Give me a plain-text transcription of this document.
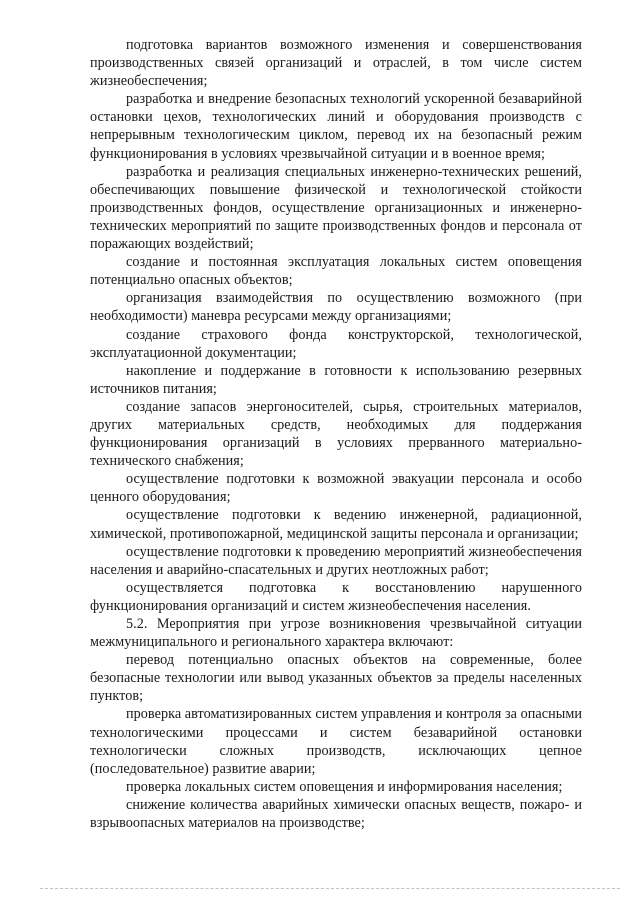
подготовка вариантов возможного изменения и совершенствования производственных связей организаций и отраслей, в том числе систем жизнеобеспечения;

разработка и внедрение безопасных технологий ускоренной безаварийной остановки цехов, технологических линий и оборудования производств с непрерывным технологическим циклом, перевод их на безопасный режим функционирования в условиях чрезвычайной ситуации и в военное время;

разработка и реализация специальных инженерно-технических решений, обеспечивающих повышение физической и технологической стойкости производственных фондов, осуществление организационных и инженерно-технических мероприятий по защите производственных фондов и персонала от поражающих воздействий;

создание и постоянная эксплуатация локальных систем оповещения потенциально опасных объектов;

организация взаимодействия по осуществлению возможного (при необходимости) маневра ресурсами между организациями;

создание страхового фонда конструкторской, технологической, эксплуатационной документации;

накопление и поддержание в готовности к использованию резервных источников питания;

создание запасов энергоносителей, сырья, строительных материалов, других материальных средств, необходимых для поддержания функционирования организаций в условиях прерванного материально-технического снабжения;

осуществление подготовки к возможной эвакуации персонала и особо ценного оборудования;

осуществление подготовки к ведению инженерной, радиационной, химической, противопожарной, медицинской защиты персонала и организации;

осуществление подготовки к проведению мероприятий жизнеобеспечения населения и аварийно-спасательных и других неотложных работ;

осуществляется подготовка к восстановлению нарушенного функционирования организаций и систем жизнеобеспечения населения.

5.2. Мероприятия при угрозе возникновения чрезвычайной ситуации межмуниципального и регионального характера включают:

перевод потенциально опасных объектов на современные, более безопасные технологии или вывод указанных объектов за пределы населенных пунктов;

проверка автоматизированных систем управления и контроля за опасными технологическими процессами и систем безаварийной остановки технологически сложных производств, исключающих цепное (последовательное) развитие аварии;

проверка локальных систем оповещения и информирования населения;

снижение количества аварийных химически опасных веществ, пожаро- и взрывоопасных материалов на производстве;
